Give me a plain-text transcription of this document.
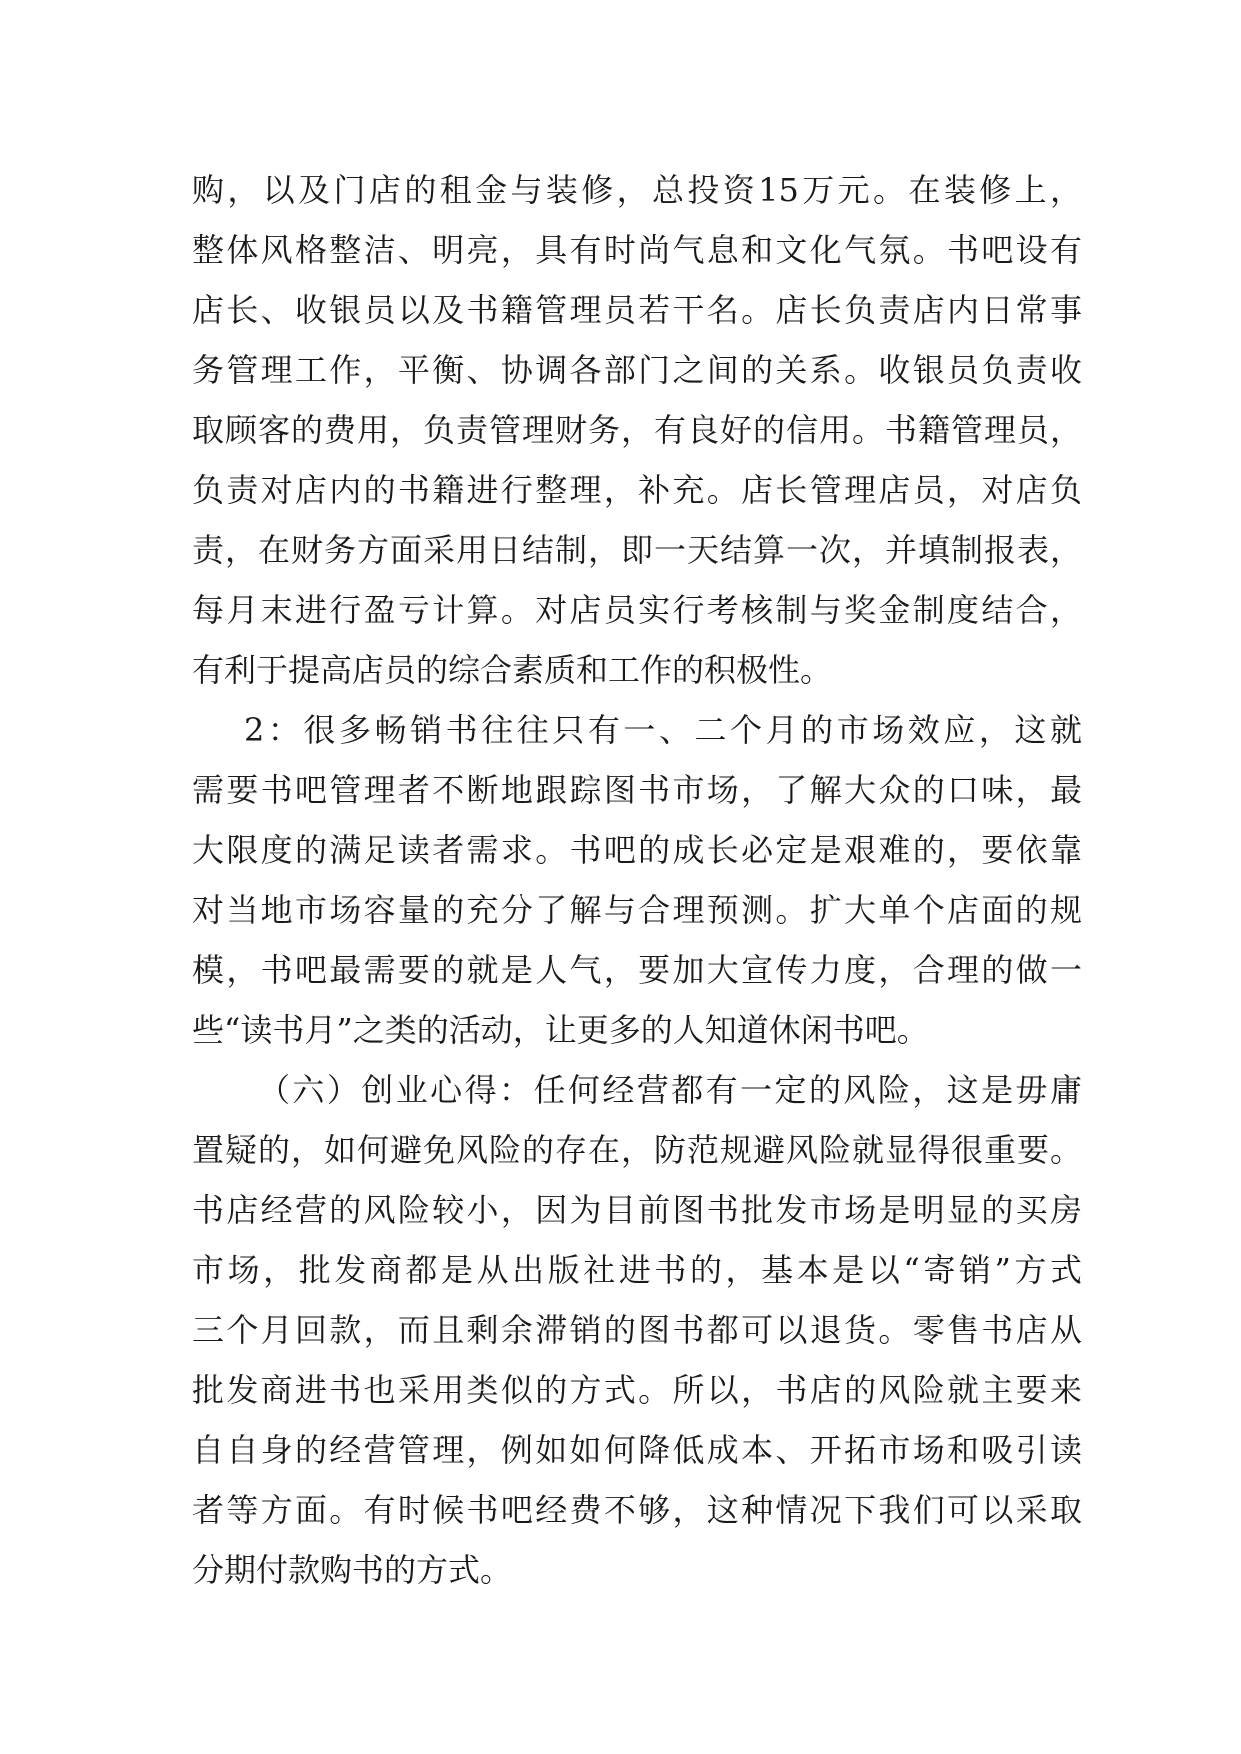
购，以及门店的租金与装修，总投资15万元。在装修上，
整体风格整洁、明亮，具有时尚气息和文化气氛。书吧设有
店长、收银员以及书籍管理员若干名。店长负责店内日常事
务管理工作，平衡、协调各部门之间的关系。收银员负责收
取顾客的费用，负责管理财务，有良好的信用。书籍管理员，
负责对店内的书籍进行整理，补充。店长管理店员，对店负
责，在财务方面采用日结制，即一天结算一次，并填制报表，
每月末进行盈亏计算。对店员实行考核制与奖金制度结合，
有利于提高店员的综合素质和工作的积极性。
2：很多畅销书往往只有一、二个月的市场效应，这就
需要书吧管理者不断地跟踪图书市场，了解大众的口味，最
大限度的满足读者需求。书吧的成长必定是艰难的，要依靠
对当地市场容量的充分了解与合理预测。扩大单个店面的规
模，书吧最需要的就是人气，要加大宣传力度，合理的做一
些“读书月”之类的活动，让更多的人知道休闲书吧。
（六）创业心得：任何经营都有一定的风险，这是毋庸
置疑的，如何避免风险的存在，防范规避风险就显得很重要。
书店经营的风险较小，因为目前图书批发市场是明显的买房
市场，批发商都是从出版社进书的，基本是以“寄销”方式
三个月回款，而且剩余滞销的图书都可以退货。零售书店从
批发商进书也采用类似的方式。所以，书店的风险就主要来
自自身的经营管理，例如如何降低成本、开拓市场和吸引读
者等方面。有时候书吧经费不够，这种情况下我们可以采取
分期付款购书的方式。
